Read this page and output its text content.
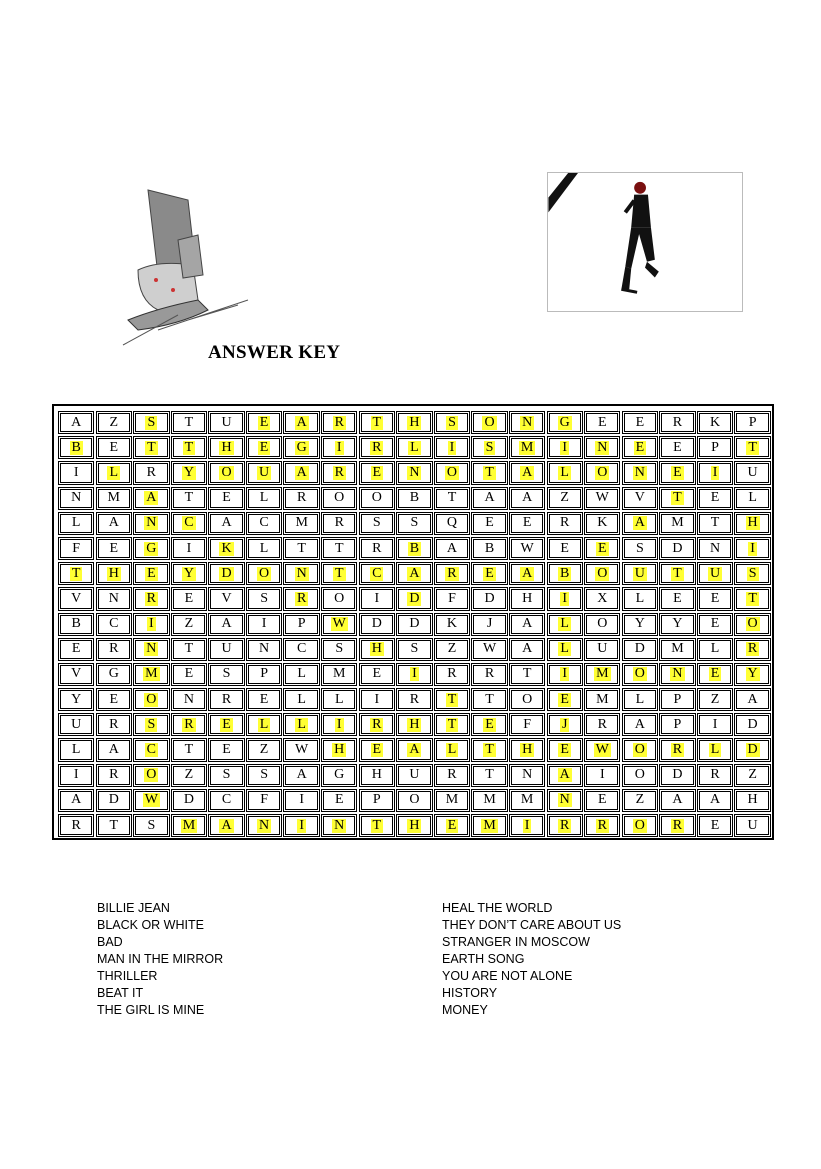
ANSWER KEY
A Z S T U E A R T H S O N G E E R K P
B E T T H E G I R L I S M I N E E P T
I L R Y O U A R E N O T A L O N E I U
N M A T E L R O O B T A A Z W V T E L
L A N C A C M R S S Q E E R K A M T H
F E G I K L T T R B A B W E E S D N I
T H E Y D O N T C A R E A B O U T U S
V N R E V S R O I D F D H I X L E E T
B C I Z A I P W D D K J A L O Y Y E O
E R N T U N C S H S Z W A L U D M L R
V G M E S P L M E I R R T I M O N E Y
Y E O N R E L L I R T T O E M L P Z A
U R S R E L L I R H T E F J R A P I D
L A C T E Z W H E A L T H E W O R L D
I R O Z S S A G H U R T N A I O D R Z
A D W D C F I E P O M M M N E Z A A H
R T S M A N I N T H E M I R R O R E U
BILLIE JEAN
BLACK OR WHITE
BAD
MAN IN THE MIRROR
THRILLER
BEAT IT
THE GIRL IS MINE
HEAL THE WORLD
THEY DON’T CARE ABOUT US
STRANGER IN MOSCOW
EARTH SONG
YOU ARE NOT ALONE
HISTORY
MONEY
